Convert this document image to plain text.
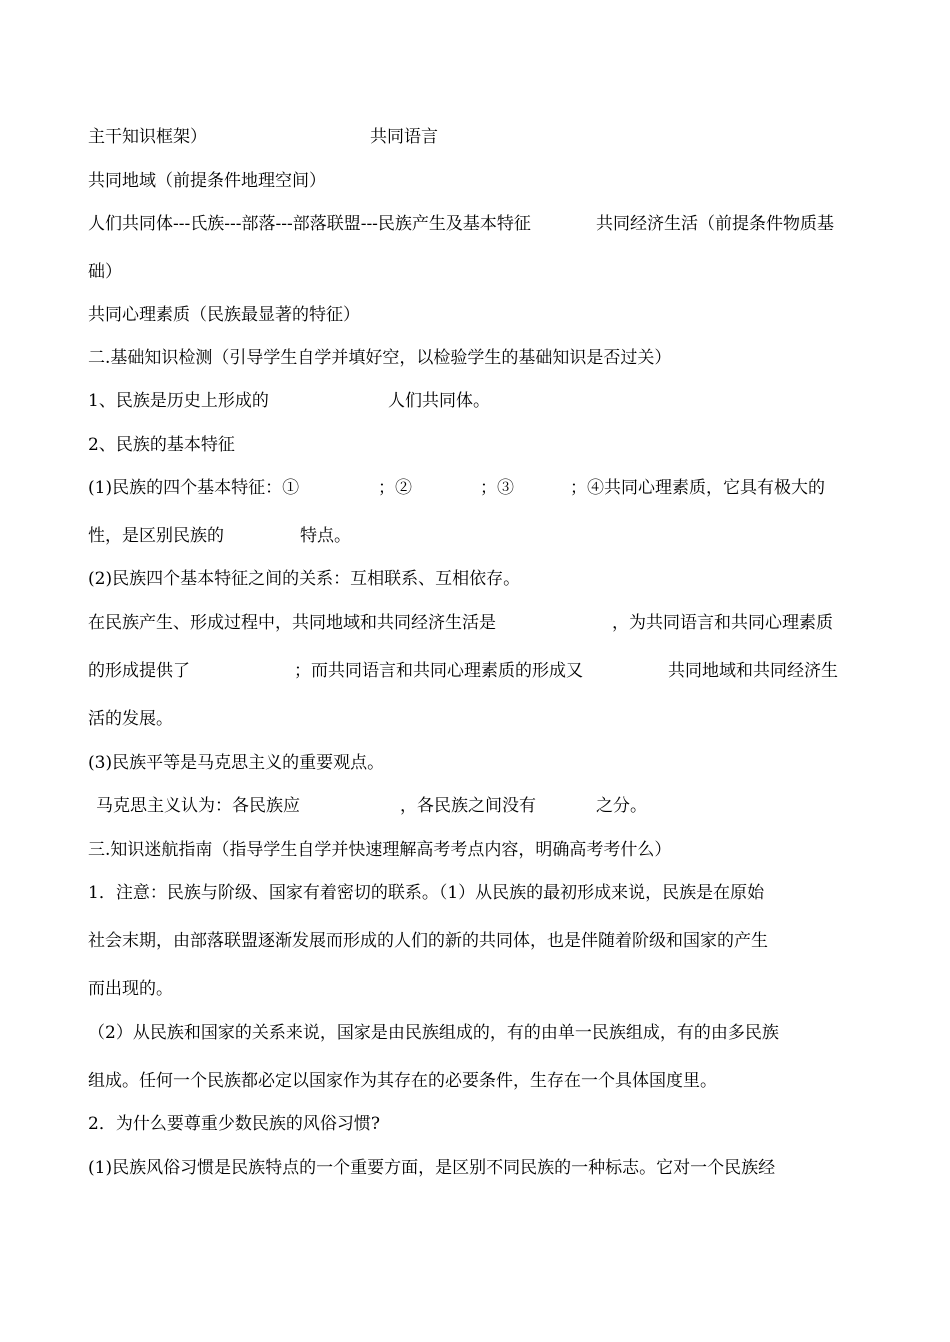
主干知识框架）	共同语言
共同地域（前提条件地理空间）
人们共同体---氏族---部落---部落联盟---民族产生及基本特征	共同经济生活（前提条件物质基
础）
共同心理素质（民族最显著的特征）
二.基础知识检测（引导学生自学并填好空，以检验学生的基础知识是否过关）
1、民族是历史上形成的	人们共同体。
2、民族的基本特征
(1)民族的四个基本特征：①	；②	；③	；④共同心理素质，它具有极大的
性，是区别民族的	特点。
(2)民族四个基本特征之间的关系：互相联系、互相依存。
在民族产生、形成过程中，共同地域和共同经济生活是	，为共同语言和共同心理素质
的形成提供了	；而共同语言和共同心理素质的形成又	共同地域和共同经济生
活的发展。
(3)民族平等是马克思主义的重要观点。
马克思主义认为：各民族应	，各民族之间没有	之分。
三.知识迷航指南（指导学生自学并快速理解高考考点内容，明确高考考什么）
1．注意：民族与阶级、国家有着密切的联系。（1）从民族的最初形成来说，民族是在原始
社会末期，由部落联盟逐渐发展而形成的人们的新的共同体，也是伴随着阶级和国家的产生
而出现的。
（2）从民族和国家的关系来说，国家是由民族组成的，有的由单一民族组成，有的由多民族
组成。任何一个民族都必定以国家作为其存在的必要条件，生存在一个具体国度里。
2．为什么要尊重少数民族的风俗习惯?
(1)民族风俗习惯是民族特点的一个重要方面，是区别不同民族的一种标志。它对一个民族经
